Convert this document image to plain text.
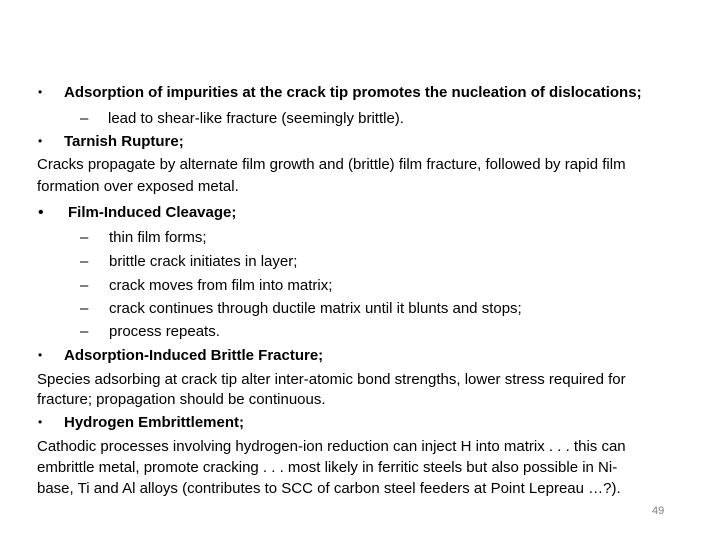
• Adsorption of impurities at the crack tip promotes the nucleation of dislocations;
– lead to shear-like fracture (seemingly brittle).
• Tarnish Rupture;
Cracks propagate by alternate film growth and (brittle) film fracture, followed by rapid film
formation over exposed metal.
• Film-Induced Cleavage;
– thin film forms;
– brittle crack initiates in layer;
– crack moves from film into matrix;
– crack continues through ductile matrix until it blunts and stops;
– process repeats.
• Adsorption-Induced Brittle Fracture;
Species adsorbing at crack tip alter inter-atomic bond strengths, lower stress required for
fracture; propagation should be continuous.
• Hydrogen Embrittlement;
Cathodic processes involving hydrogen-ion reduction can inject H into matrix . . . this can
embrittle metal, promote cracking . . . most likely in ferritic steels but also possible in Ni-
base, Ti and Al alloys (contributes to SCC of carbon steel feeders at Point Lepreau …?).
49
